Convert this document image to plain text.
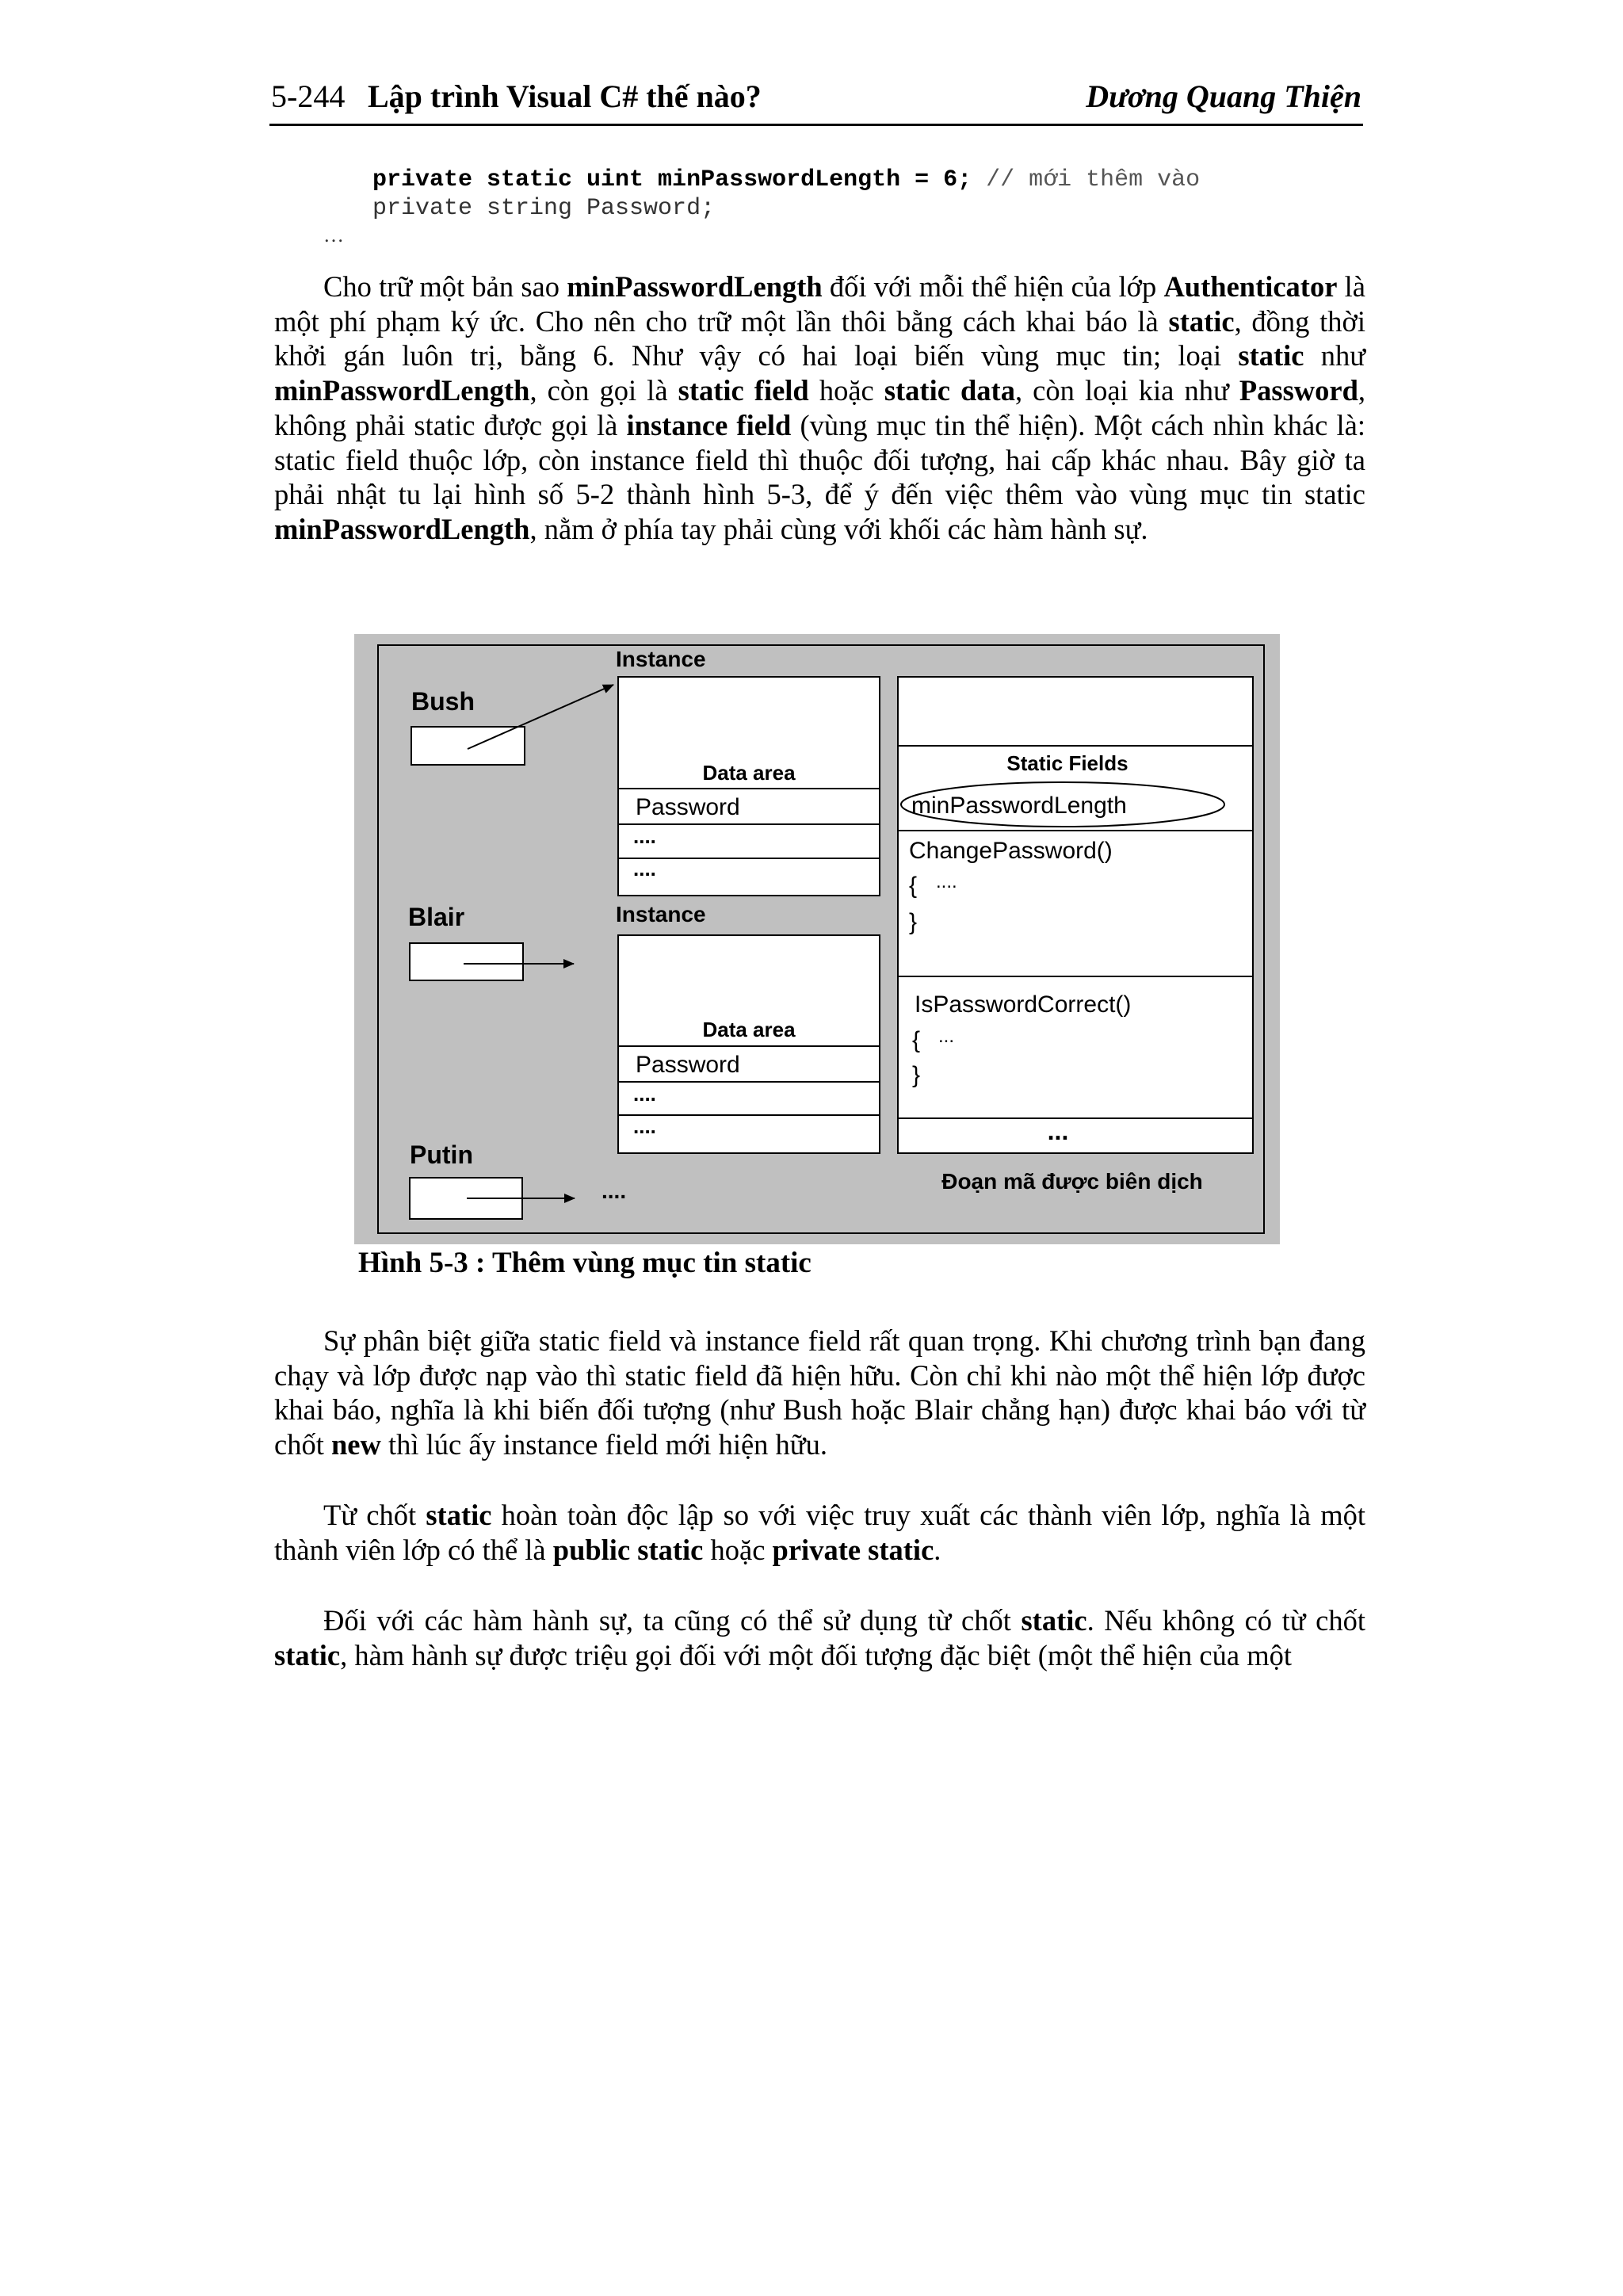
5-244 Lập trình Visual C# thế nào?	Dương Quang Thiện
private static uint minPasswordLength = 6; // mới thêm vào
private string Password;
…

Cho trữ một bản sao minPasswordLength đối với mỗi thể hiện của lớp Authenticator là một phí phạm ký ức. Cho nên cho trữ một lần thôi bằng cách khai báo là static, đồng thời khởi gán luôn trị, bằng 6. Như vậy có hai loại biến vùng mục tin; loại static như minPasswordLength, còn gọi là static field hoặc static data, còn loại kia như Password, không phải static được gọi là instance field (vùng mục tin thể hiện). Một cách nhìn khác là: static field thuộc lớp, còn instance field thì thuộc đối tượng, hai cấp khác nhau. Bây giờ ta phải nhật tu lại hình số 5-2 thành hình 5-3, để ý đến việc thêm vào vùng mục tin static minPasswordLength, nằm ở phía tay phải cùng với khối các hàm hành sự.

Bush
Blair
Putin
....
Instance
Data area
Password
....
....
Instance
Data area
Password
....
....
Static Fields
minPasswordLength
ChangePassword()
{ ....
}
IsPasswordCorrect()
{ ...
}
...
Đoạn mã được biên dịch
Hình 5-3 : Thêm vùng mục tin static

Sự phân biệt giữa static field và instance field rất quan trọng. Khi chương trình bạn đang chạy và lớp được nạp vào thì static field đã hiện hữu. Còn chỉ khi nào một thể hiện lớp được khai báo, nghĩa là khi biến đối tượng (như Bush hoặc Blair chẳng hạn) được khai báo với từ chốt new thì lúc ấy instance field mới hiện hữu.

Từ chốt static hoàn toàn độc lập so với việc truy xuất các thành viên lớp, nghĩa là một thành viên lớp có thể là public static hoặc private static.

Đối với các hàm hành sự, ta cũng có thể sử dụng từ chốt static. Nếu không có từ chốt static, hàm hành sự được triệu gọi đối với một đối tượng đặc biệt (một thể hiện của một
